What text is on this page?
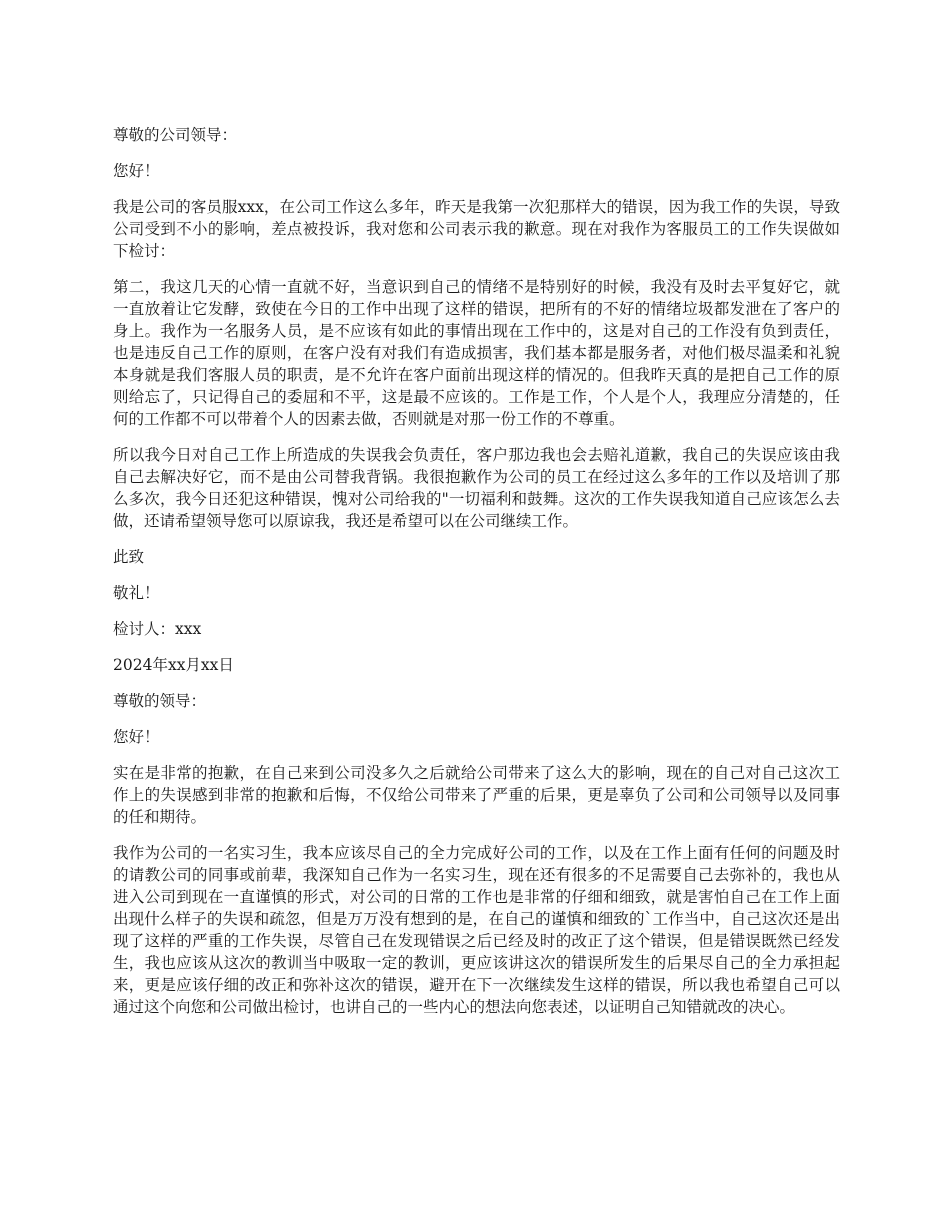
尊敬的公司领导：

您好！

我是公司的客员服xxx，在公司工作这么多年，昨天是我第一次犯那样大的错误，因为我工作的失误，导致公司受到不小的影响，差点被投诉，我对您和公司表示我的歉意。现在对我作为客服员工的工作失误做如下检讨：

第二，我这几天的心情一直就不好，当意识到自己的情绪不是特别好的时候，我没有及时去平复好它，就一直放着让它发酵，致使在今日的工作中出现了这样的错误，把所有的不好的情绪垃圾都发泄在了客户的身上。我作为一名服务人员，是不应该有如此的事情出现在工作中的，这是对自己的工作没有负到责任，也是违反自己工作的原则，在客户没有对我们有造成损害，我们基本都是服务者，对他们极尽温柔和礼貌本身就是我们客服人员的职责，是不允许在客户面前出现这样的情况的。但我昨天真的是把自己工作的原则给忘了，只记得自己的委屈和不平，这是最不应该的。工作是工作，个人是个人，我理应分清楚的，任何的工作都不可以带着个人的因素去做，否则就是对那一份工作的不尊重。

所以我今日对自己工作上所造成的失误我会负责任，客户那边我也会去赔礼道歉，我自己的失误应该由我自己去解决好它，而不是由公司替我背锅。我很抱歉作为公司的员工在经过这么多年的工作以及培训了那么多次，我今日还犯这种错误，愧对公司给我的"一切福利和鼓舞。这次的工作失误我知道自己应该怎么去做，还请希望领导您可以原谅我，我还是希望可以在公司继续工作。

此致

敬礼！

检讨人：xxx

2024年xx月xx日

尊敬的领导：

您好！

实在是非常的抱歉，在自己来到公司没多久之后就给公司带来了这么大的影响，现在的自己对自己这次工作上的失误感到非常的抱歉和后悔，不仅给公司带来了严重的后果，更是辜负了公司和公司领导以及同事的任和期待。

我作为公司的一名实习生，我本应该尽自己的全力完成好公司的工作，以及在工作上面有任何的问题及时的请教公司的同事或前辈，我深知自己作为一名实习生，现在还有很多的不足需要自己去弥补的，我也从进入公司到现在一直谨慎的形式，对公司的日常的工作也是非常的仔细和细致，就是害怕自己在工作上面出现什么样子的失误和疏忽，但是万万没有想到的是，在自己的谨慎和细致的`工作当中，自己这次还是出现了这样的严重的工作失误，尽管自己在发现错误之后已经及时的改正了这个错误，但是错误既然已经发生，我也应该从这次的教训当中吸取一定的教训，更应该讲这次的错误所发生的后果尽自己的全力承担起来，更是应该仔细的改正和弥补这次的错误，避开在下一次继续发生这样的错误，所以我也希望自己可以通过这个向您和公司做出检讨，也讲自己的一些内心的想法向您表述，以证明自己知错就改的决心。
